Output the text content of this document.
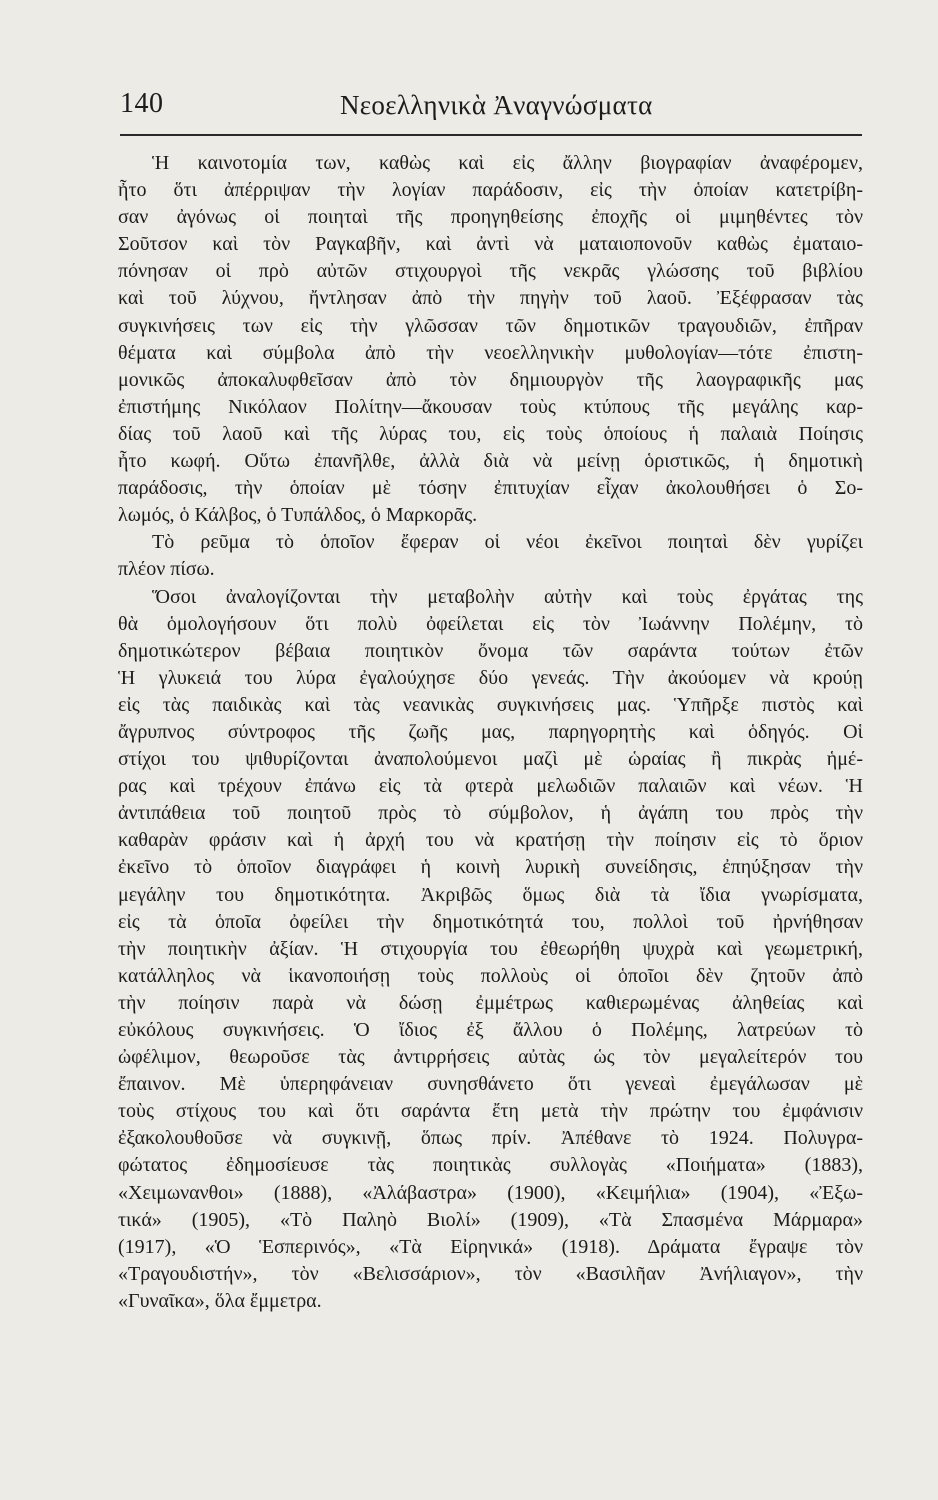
140	Νεοελληνικὰ Ἀναγνώσματα
Ἡ καινοτομία των, καθὼς καὶ εἰς ἄλλην βιογραφίαν ἀναφέρομεν,
ἦτο ὅτι ἀπέρριψαν τὴν λογίαν παράδοσιν, εἰς τὴν ὁποίαν κατετρίβη-
σαν ἀγόνως οἱ ποιηταὶ τῆς προηγηθείσης ἐποχῆς οἱ μιμηθέντες τὸν
Σοῦτσον καὶ τὸν Ραγκαβῆν, καὶ ἀντὶ νὰ ματαιοπονοῦν καθὼς ἐματαιο-
πόνησαν οἱ πρὸ αὐτῶν στιχουργοὶ τῆς νεκρᾶς γλώσσης τοῦ βιβλίου
καὶ τοῦ λύχνου, ἤντλησαν ἀπὸ τὴν πηγὴν τοῦ λαοῦ. Ἐξέφρασαν τὰς
συγκινήσεις των εἰς τὴν γλῶσσαν τῶν δημοτικῶν τραγουδιῶν, ἐπῆραν
θέματα καὶ σύμβολα ἀπὸ τὴν νεοελληνικὴν μυθολογίαν—τότε ἐπιστη-
μονικῶς ἀποκαλυφθεῖσαν ἀπὸ τὸν δημιουργὸν τῆς λαογραφικῆς μας
ἐπιστήμης Νικόλαον Πολίτην—ἄκουσαν τοὺς κτύπους τῆς μεγάλης καρ-
δίας τοῦ λαοῦ καὶ τῆς λύρας του, εἰς τοὺς ὁποίους ἡ παλαιὰ Ποίησις
ἦτο κωφή. Οὕτω ἐπανῆλθε, ἀλλὰ διὰ νὰ μείνῃ ὁριστικῶς, ἡ δημοτικὴ
παράδοσις, τὴν ὁποίαν μὲ τόσην ἐπιτυχίαν εἶχαν ἀκολουθήσει ὁ Σο-
λωμός, ὁ Κάλβος, ὁ Τυπάλδος, ὁ Μαρκορᾶς.
Τὸ ρεῦμα τὸ ὁποῖον ἔφεραν οἱ νέοι ἐκεῖνοι ποιηταὶ δὲν γυρίζει
πλέον πίσω.
Ὅσοι ἀναλογίζονται τὴν μεταβολὴν αὐτὴν καὶ τοὺς ἐργάτας της
θὰ ὁμολογήσουν ὅτι πολὺ ὀφείλεται εἰς τὸν Ἰωάννην Πολέμην, τὸ
δημοτικώτερον βέβαια ποιητικὸν ὄνομα τῶν σαράντα τούτων ἐτῶν
Ἡ γλυκειά του λύρα ἐγαλούχησε δύο γενεάς. Τὴν ἀκούομεν νὰ κρούῃ
εἰς τὰς παιδικὰς καὶ τὰς νεανικὰς συγκινήσεις μας. Ὑπῆρξε πιστὸς καὶ
ἄγρυπνος σύντροφος τῆς ζωῆς μας, παρηγορητὴς καὶ ὁδηγός. Οἱ
στίχοι του ψιθυρίζονται ἀναπολούμενοι μαζὶ μὲ ὡραίας ἢ πικρὰς ἡμέ-
ρας καὶ τρέχουν ἐπάνω εἰς τὰ φτερὰ μελωδιῶν παλαιῶν καὶ νέων. Ἡ
ἀντιπάθεια τοῦ ποιητοῦ πρὸς τὸ σύμβολον, ἡ ἀγάπη του πρὸς τὴν
καθαρὰν φράσιν καὶ ἡ ἀρχή του νὰ κρατήσῃ τὴν ποίησιν εἰς τὸ ὅριον
ἐκεῖνο τὸ ὁποῖον διαγράφει ἡ κοινὴ λυρικὴ συνείδησις, ἐπηύξησαν τὴν
μεγάλην του δημοτικότητα. Ἀκριβῶς ὅμως διὰ τὰ ἴδια γνωρίσματα,
εἰς τὰ ὁποῖα ὀφείλει τὴν δημοτικότητά του, πολλοὶ τοῦ ἠρνήθησαν
τὴν ποιητικὴν ἀξίαν. Ἡ στιχουργία του ἐθεωρήθη ψυχρὰ καὶ γεωμετρική,
κατάλληλος νὰ ἱκανοποιήσῃ τοὺς πολλοὺς οἱ ὁποῖοι δὲν ζητοῦν ἀπὸ
τὴν ποίησιν παρὰ νὰ δώσῃ ἐμμέτρως καθιερωμένας ἀληθείας καὶ
εὐκόλους συγκινήσεις. Ὁ ἴδιος ἐξ ἄλλου ὁ Πολέμης, λατρεύων τὸ
ὠφέλιμον, θεωροῦσε τὰς ἀντιρρήσεις αὐτὰς ὡς τὸν μεγαλείτερόν του
ἔπαινον. Μὲ ὑπερηφάνειαν συνησθάνετο ὅτι γενεαὶ ἐμεγάλωσαν μὲ
τοὺς στίχους του καὶ ὅτι σαράντα ἔτη μετὰ τὴν πρώτην του ἐμφάνισιν
ἐξακολουθοῦσε νὰ συγκινῇ, ὅπως πρίν. Ἀπέθανε τὸ 1924. Πολυγρα-
φώτατος ἐδημοσίευσε τὰς ποιητικὰς συλλογὰς «Ποιήματα» (1883),
«Χειμωνανθοι» (1888), «Ἀλάβαστρα» (1900), «Κειμήλια» (1904), «Ἐξω-
τικά» (1905), «Τὸ Παληὸ Βιολί» (1909), «Τὰ Σπασμένα Μάρμαρα»
(1917), «Ὁ Ἑσπερινός», «Τὰ Εἰρηνικά» (1918). Δράματα ἔγραψε τὸν
«Τραγουδιστήν», τὸν «Βελισσάριον», τὸν «Βασιλῆαν Ἀνήλιαγον», τὴν
«Γυναῖκα», ὅλα ἔμμετρα.
